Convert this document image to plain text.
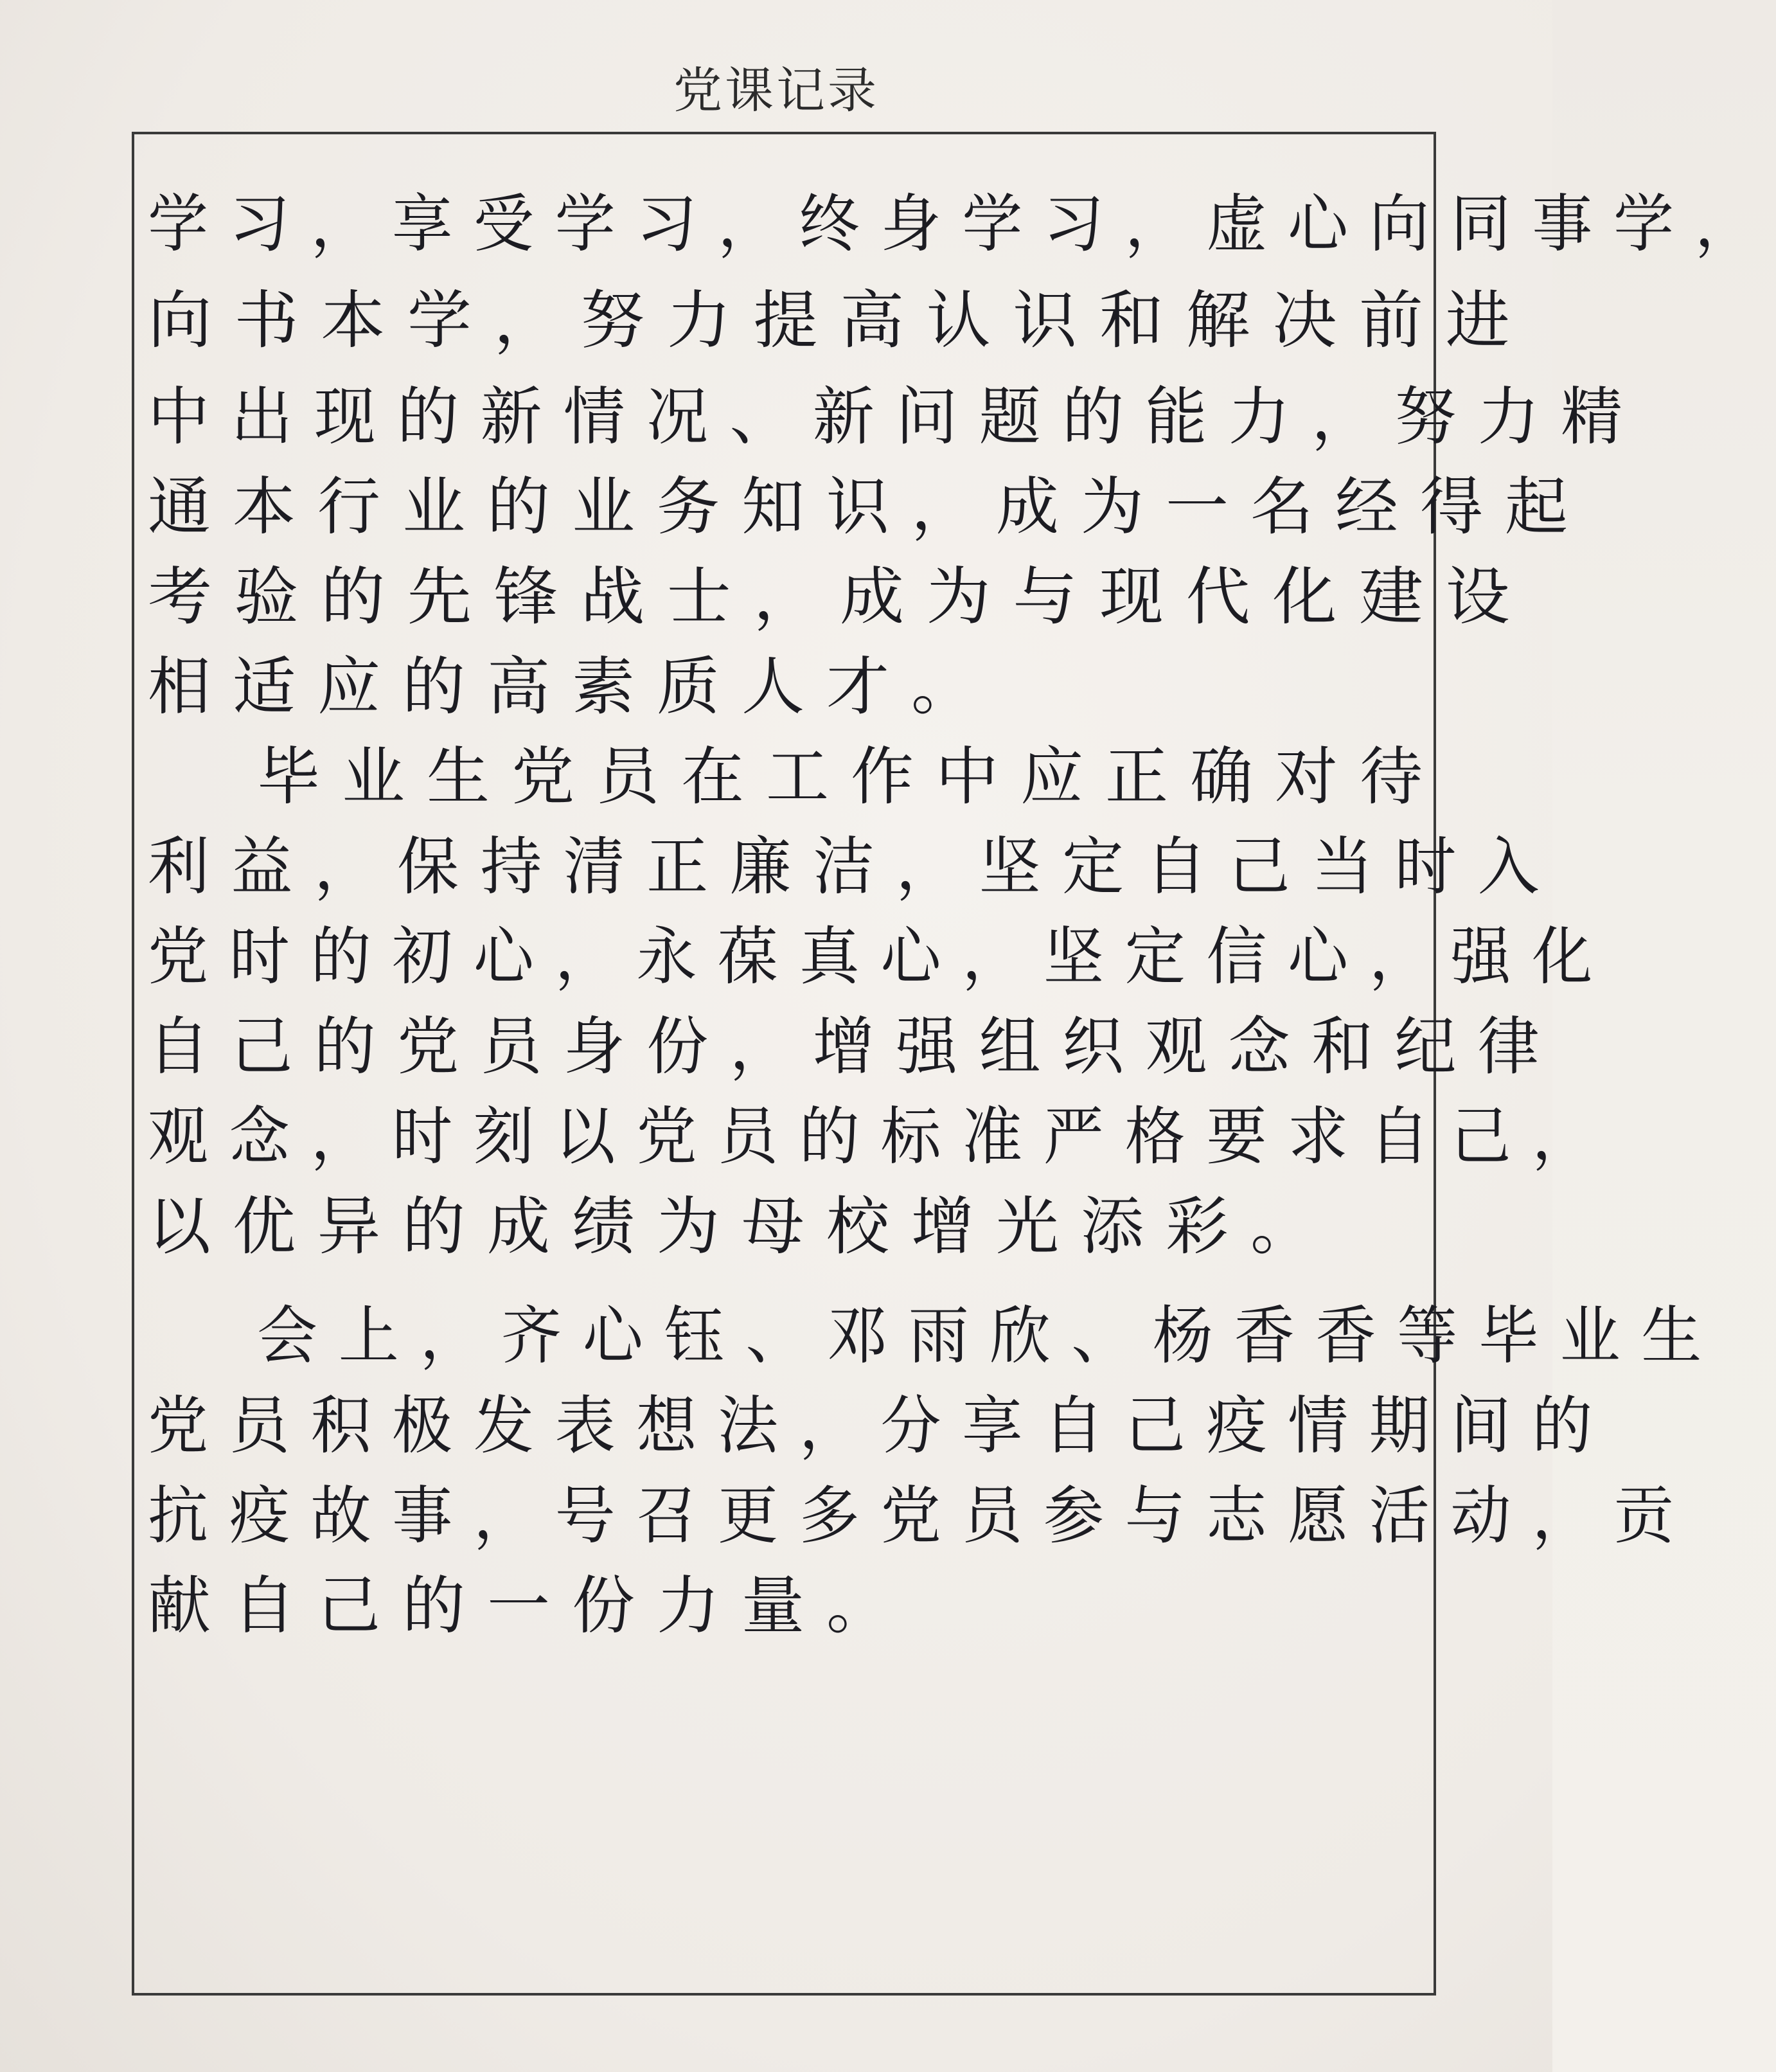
党课记录
学习，享受学习，终身学习，虚心向同事学，
向书本学，努力提高认识和解决前进
中出现的新情况、新问题的能力，努力精
通本行业的业务知识，成为一名经得起
考验的先锋战士，成为与现代化建设
相适应的高素质人才。
毕业生党员在工作中应正确对待
利益，保持清正廉洁，坚定自己当时入
党时的初心，永葆真心，坚定信心，强化
自己的党员身份，增强组织观念和纪律
观念，时刻以党员的标准严格要求自己，
以优异的成绩为母校增光添彩。
会上，齐心钰、邓雨欣、杨香香等毕业生
党员积极发表想法，分享自己疫情期间的
抗疫故事，号召更多党员参与志愿活动，贡
献自己的一份力量。
